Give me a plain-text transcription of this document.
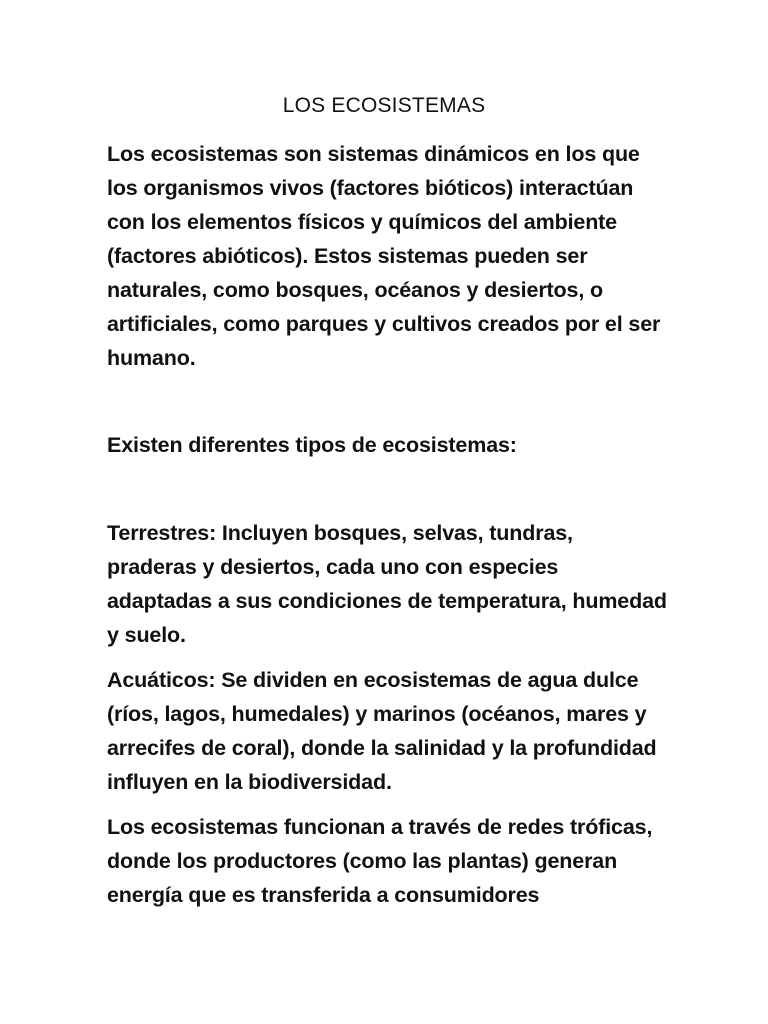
LOS ECOSISTEMAS

Los ecosistemas son sistemas dinámicos en los que los organismos vivos (factores bióticos) interactúan con los elementos físicos y químicos del ambiente (factores abióticos). Estos sistemas pueden ser naturales, como bosques, océanos y desiertos, o artificiales, como parques y cultivos creados por el ser humano.

Existen diferentes tipos de ecosistemas:

Terrestres: Incluyen bosques, selvas, tundras, praderas y desiertos, cada uno con especies adaptadas a sus condiciones de temperatura, humedad y suelo.

Acuáticos: Se dividen en ecosistemas de agua dulce (ríos, lagos, humedales) y marinos (océanos, mares y arrecifes de coral), donde la salinidad y la profundidad influyen en la biodiversidad.

Los ecosistemas funcionan a través de redes tróficas, donde los productores (como las plantas) generan energía que es transferida a consumidores
